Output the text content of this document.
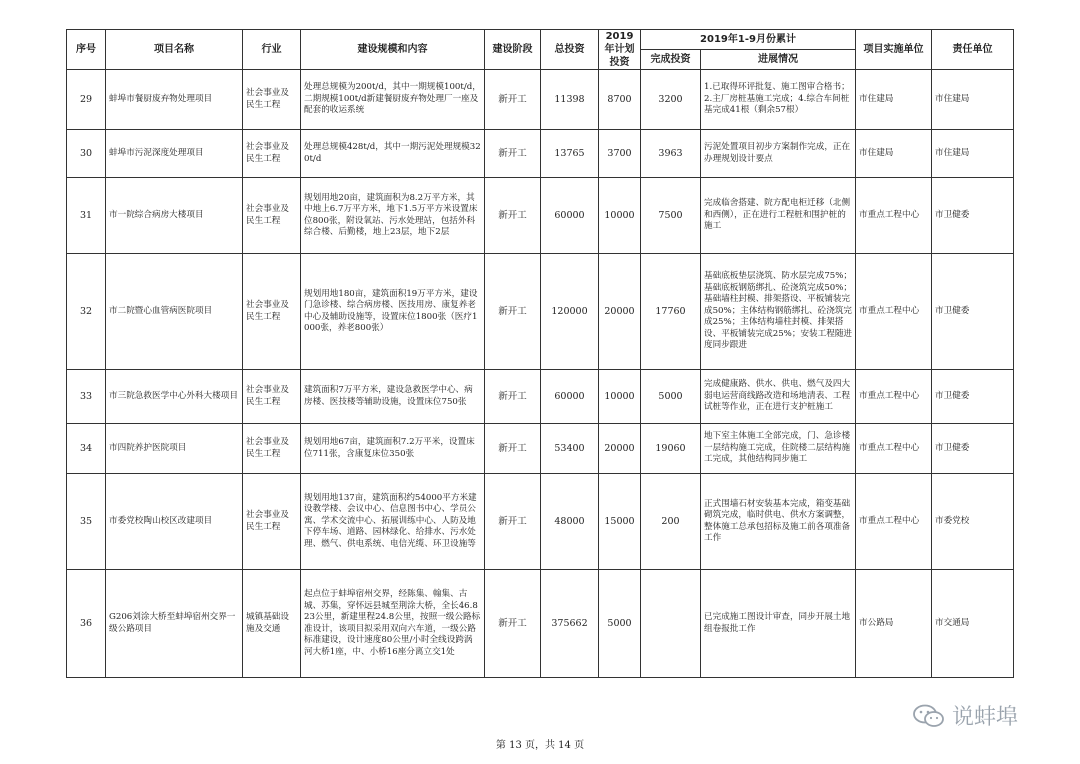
序号	项目名称	行业	建设规模和内容	建设阶段	总投资	2019年计划投资	2019年1-9月份累计		项目实施单位	责任单位
							完成投资	进展情况		
29	蚌埠市餐厨废弃物处理项目	社会事业及民生工程	处理总规模为200t/d，其中一期规模100t/d，二期规模100t/d新建餐厨废弃物处理厂一座及配套的收运系统	新开工	11398	8700	3200	1.已取得环评批复、施工图审合格书；2.主厂房桩基施工完成；4.综合车间桩基完成41根（剩余57根）	市住建局	市住建局
30	蚌埠市污泥深度处理项目	社会事业及民生工程	处理总规模428t/d，其中一期污泥处理规模320t/d	新开工	13765	3700	3963	污泥处置项目初步方案制作完成，正在办理规划设计要点	市住建局	市住建局
31	市一院综合病房大楼项目	社会事业及民生工程	规划用地20亩，建筑面积为8.2万平方米，其中地上6.7万平方米，地下1.5万平方米设置床位800张，附设氧站、污水处理站，包括外科综合楼、后勤楼，地上23层，地下2层	新开工	60000	10000	7500	完成临舍搭建、院方配电柜迁移（北侧和西侧），正在进行工程桩和围护桩的施工	市重点工程中心	市卫健委
32	市二院暨心血管病医院项目	社会事业及民生工程	规划用地180亩，建筑面积19万平方米，建设门急诊楼、综合病房楼、医技用房、康复养老中心及辅助设施等，设置床位1800张（医疗1000张，养老800张）	新开工	120000	20000	17760	基础底板垫层浇筑、防水层完成75%；基础底板钢筋绑扎、砼浇筑完成50%；基础墙柱封模、排架搭设、平板铺装完成50%；主体结构钢筋绑扎、砼浇筑完成25%；主体结构墙柱封模、排架搭设、平板铺装完成25%；安装工程随进度同步跟进	市重点工程中心	市卫健委
33	市三院急救医学中心外科大楼项目	社会事业及民生工程	建筑面积7万平方米，建设急救医学中心、病房楼、医技楼等辅助设施，设置床位750张	新开工	60000	10000	5000	完成健康路、供水、供电、燃气及四大弱电运营商线路改造和场地清表、工程试桩等作业，正在进行支护桩施工	市重点工程中心	市卫健委
34	市四院养护医院项目	社会事业及民生工程	规划用地67亩，建筑面积7.2万平米，设置床位711张，含康复床位350张	新开工	53400	20000	19060	地下室主体施工全部完成，门、急诊楼一层结构施工完成，住院楼二层结构施工完成，其他结构同步施工	市重点工程中心	市卫健委
35	市委党校陶山校区改建项目	社会事业及民生工程	规划用地137亩，建筑面积约54000平方米建设教学楼、会议中心、信息图书中心、学员公寓、学术交流中心、拓展训练中心、人防及地下停车场、道路、园林绿化、给排水、污水处理、燃气、供电系统、电信光缆、环卫设施等	新开工	48000	15000	200	正式围墙石材安装基本完成，箱变基础砌筑完成，临时供电、供水方案调整，整体施工总承包招标及施工前各项准备工作	市重点工程中心	市委党校
36	G206刘涂大桥至蚌埠宿州交界一级公路项目	城镇基础设施及交通	起点位于蚌埠宿州交界，经陈集、翰集、古城、苏集，穿怀远县城至荆涂大桥，全长46.823公里，新建里程24.8公里，按照一级公路标准设计，该项目拟采用双向六车道，一级公路标准建设，设计速度80公里/小时全线设跨涡河大桥1座，中、小桥16座分离立交1处	新开工	375662	5000		已完成施工图设计审查，同步开展土地组卷报批工作	市公路局	市交通局
第 13 页，共 14 页
说蚌埠
